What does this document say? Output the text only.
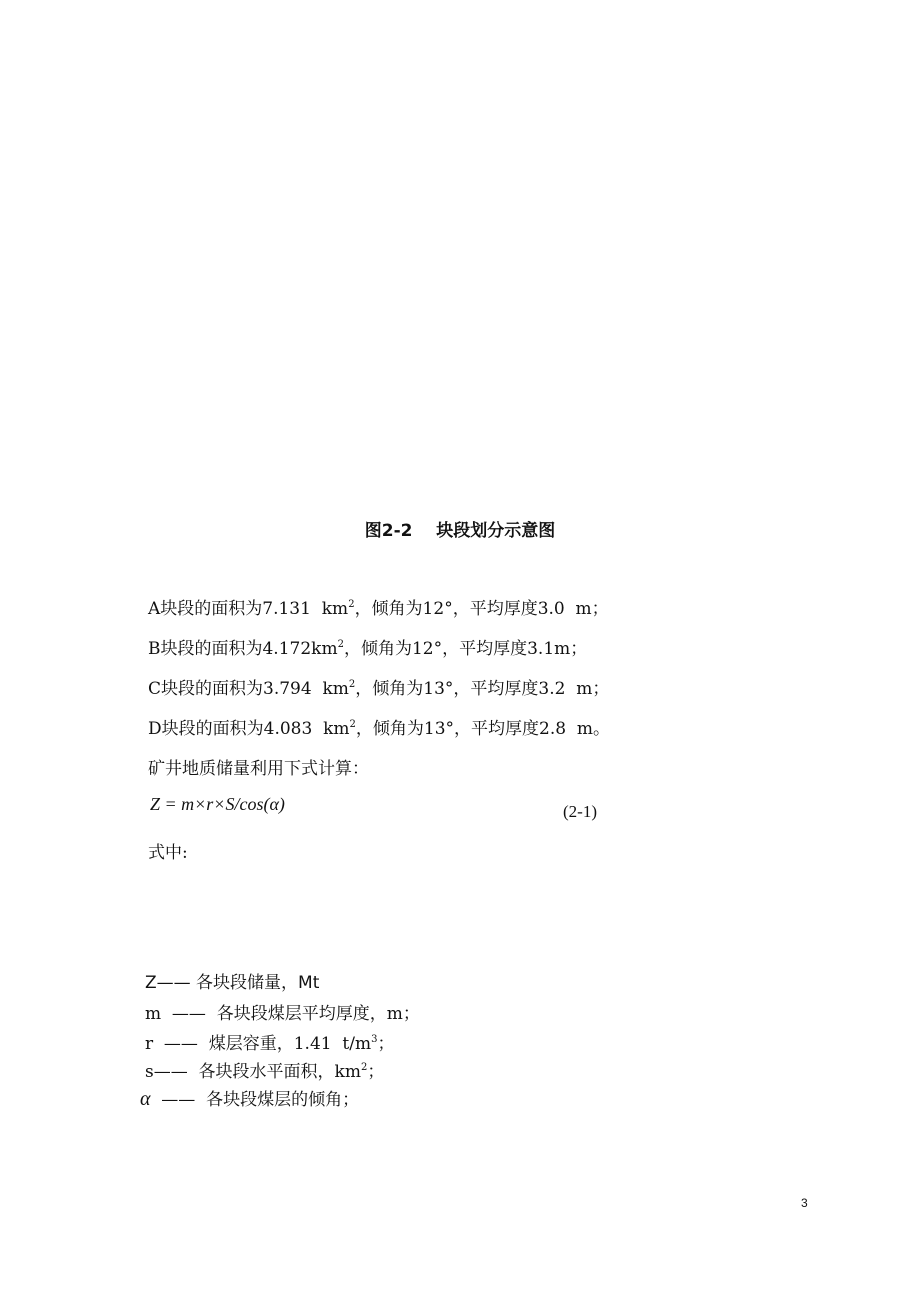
图2-2 块段划分示意图
A块段的面积为7.131  $km^2$，倾角为12°，平均厚度3.0  m；
B块段的面积为$4.172km^2$，倾角为12°，平均厚度3.1m；
C块段的面积为3.794  $km^2$，倾角为13°，平均厚度3.2  m；
D块段的面积为4.083  $km^2$，倾角为13°，平均厚度2.8  m。
矿井地质储量利用下式计算：
Z = m×r×S/cos(α)	(2-1)
式中:
Z—— 各块段储量，Mt
m  ——  各块段煤层平均厚度，m；
r  ——  煤层容重，1.41  $t/m^3$；
s——  各块段水平面积，$km^2$；
α  ——  各块段煤层的倾角；
3
